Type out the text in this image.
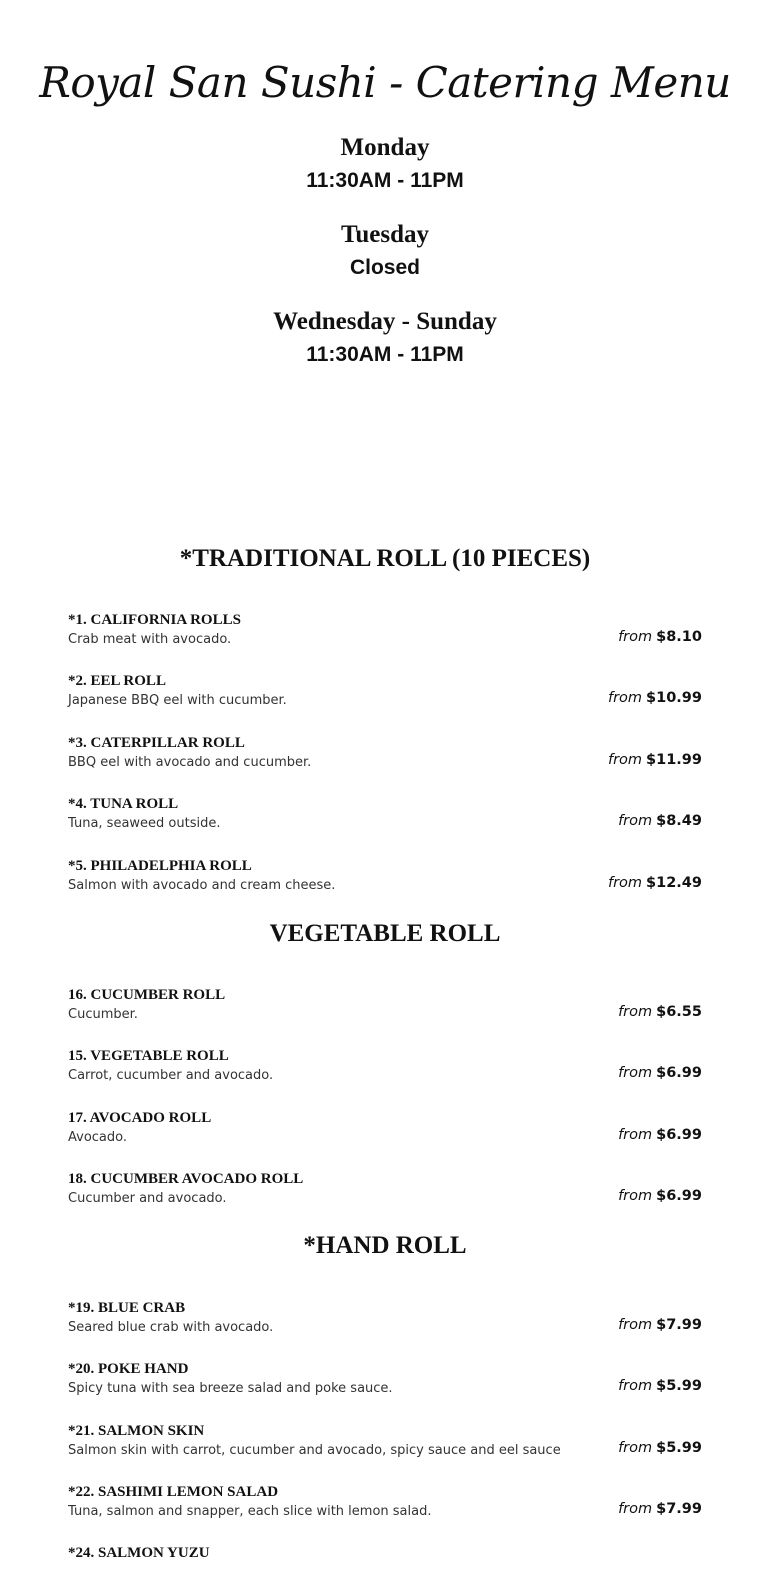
Royal San Sushi - Catering Menu
Monday
11:30AM - 11PM
Tuesday
Closed
Wednesday - Sunday
11:30AM - 11PM
*TRADITIONAL ROLL (10 PIECES)
*1. CALIFORNIA ROLLS
Crab meat with avocado.	from $8.10
*2. EEL ROLL
Japanese BBQ eel with cucumber.	from $10.99
*3. CATERPILLAR ROLL
BBQ eel with avocado and cucumber.	from $11.99
*4. TUNA ROLL
Tuna, seaweed outside.	from $8.49
*5. PHILADELPHIA ROLL
Salmon with avocado and cream cheese.	from $12.49
VEGETABLE ROLL
16. CUCUMBER ROLL
Cucumber.	from $6.55
15. VEGETABLE ROLL
Carrot, cucumber and avocado.	from $6.99
17. AVOCADO ROLL
Avocado.	from $6.99
18. CUCUMBER AVOCADO ROLL
Cucumber and avocado.	from $6.99
*HAND ROLL
*19. BLUE CRAB
Seared blue crab with avocado.	from $7.99
*20. POKE HAND
Spicy tuna with sea breeze salad and poke sauce.	from $5.99
*21. SALMON SKIN
Salmon skin with carrot, cucumber and avocado, spicy sauce and eel sauce	from $5.99
*22. SASHIMI LEMON SALAD
Tuna, salmon and snapper, each slice with lemon salad.	from $7.99
*24. SALMON YUZU
